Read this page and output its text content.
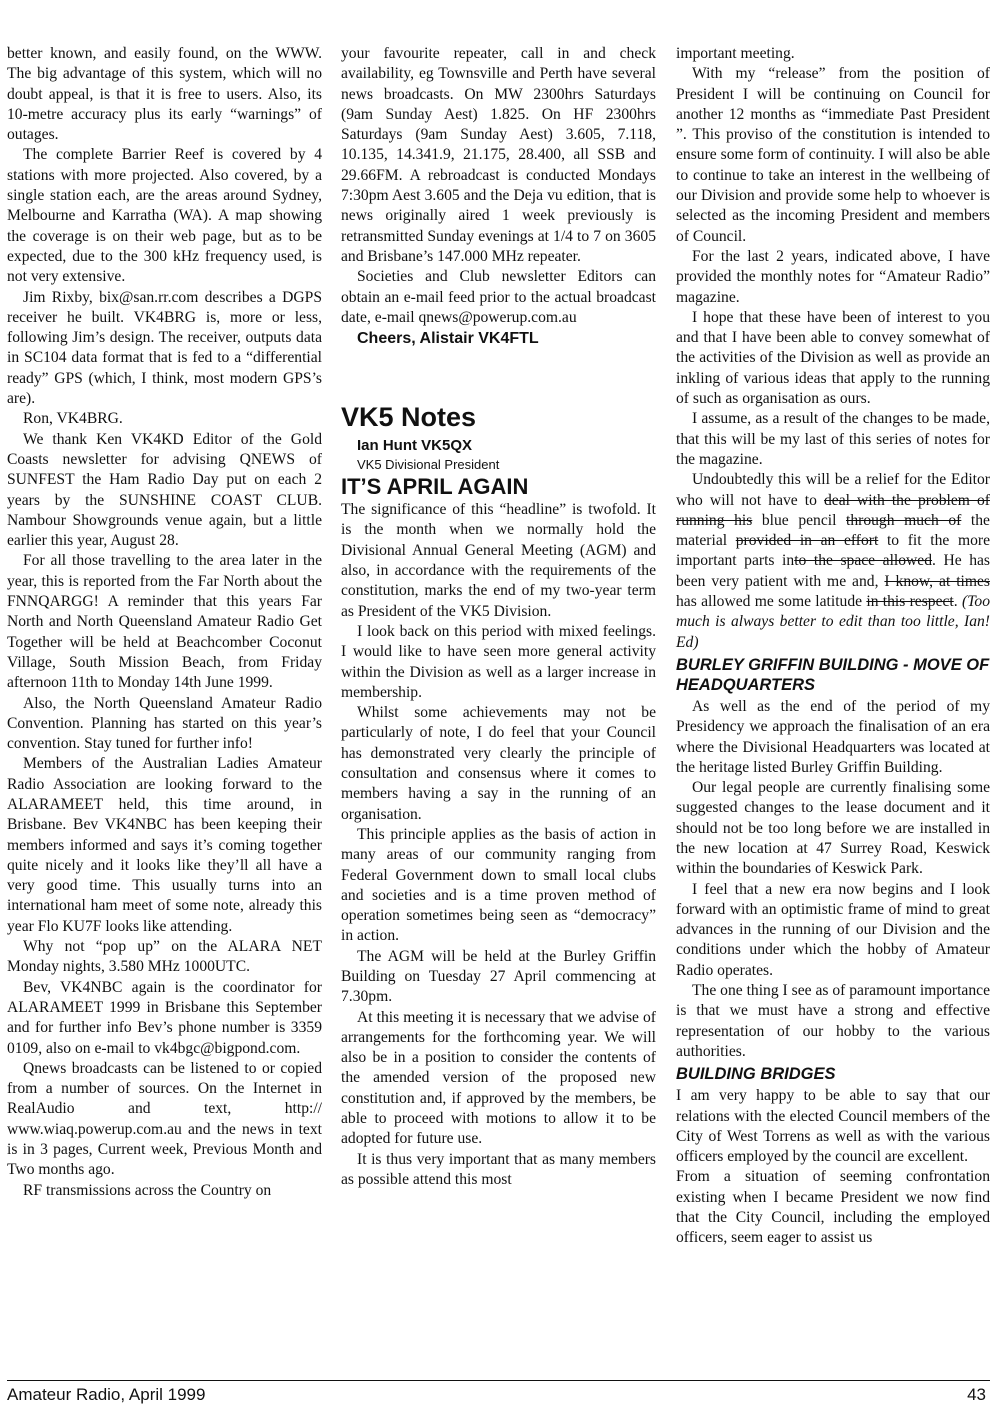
better known, and easily found, on the WWW. The big advantage of this system, which will no doubt appeal, is that it is free to users. Also, its 10-metre accuracy plus its early “warnings” of outages.

The complete Barrier Reef is covered by 4 stations with more projected. Also covered, by a single station each, are the areas around Sydney, Melbourne and Karratha (WA). A map showing the coverage is on their web page, but as to be expected, due to the 300 kHz frequency used, is not very extensive.

Jim Rixby, bix@san.rr.com describes a DGPS receiver he built. VK4BRG is, more or less, following Jim’s design. The receiver, outputs data in SC104 data format that is fed to a “differential ready” GPS (which, I think, most modern GPS’s are).

Ron, VK4BRG.

We thank Ken VK4KD Editor of the Gold Coasts newsletter for advising QNEWS of SUNFEST the Ham Radio Day put on each 2 years by the SUNSHINE COAST CLUB. Nambour Showgrounds venue again, but a little earlier this year, August 28.

For all those travelling to the area later in the year, this is reported from the Far North about the FNNQARGG! A reminder that this years Far North and North Queensland Amateur Radio Get Together will be held at Beachcomber Coconut Village, South Mission Beach, from Friday afternoon 11th to Monday 14th June 1999.

Also, the North Queensland Amateur Radio Convention. Planning has started on this year’s convention. Stay tuned for further info!

Members of the Australian Ladies Amateur Radio Association are looking forward to the ALARAMEET held, this time around, in Brisbane. Bev VK4NBC has been keeping their members informed and says it’s coming together quite nicely and it looks like they’ll all have a very good time. This usually turns into an international ham meet of some note, already this year Flo KU7F looks like attending.

Why not “pop up” on the ALARA NET Monday nights, 3.580 MHz 1000UTC.

Bev, VK4NBC again is the coordinator for ALARAMEET 1999 in Brisbane this September and for further info Bev’s phone number is 3359 0109, also on e-mail to vk4bgc@bigpond.com.

Qnews broadcasts can be listened to or copied from a number of sources. On the Internet in RealAudio and text, http:// www.wiaq.powerup.com.au and the news in text is in 3 pages, Current week, Previous Month and Two months ago.

RF transmissions across the Country on

your favourite repeater, call in and check availability, eg Townsville and Perth have several news broadcasts. On MW 2300hrs Saturdays (9am Sunday Aest) 1.825. On HF 2300hrs Saturdays (9am Sunday Aest) 3.605, 7.118, 10.135, 14.341.9, 21.175, 28.400, all SSB and 29.66FM. A rebroadcast is conducted Mondays 7:30pm Aest 3.605 and the Deja vu edition, that is news originally aired 1 week previously is retransmitted Sunday evenings at 1/4 to 7 on 3605 and Brisbane’s 147.000 MHz repeater.

Societies and Club newsletter Editors can obtain an e-mail feed prior to the actual broadcast date, e-mail qnews@powerup.com.au

Cheers, Alistair VK4FTL

VK5 Notes

Ian Hunt VK5QX

VK5 Divisional President

IT’S APRIL AGAIN

The significance of this “headline” is twofold. It is the month when we normally hold the Divisional Annual General Meeting (AGM) and also, in accordance with the requirements of the constitution, marks the end of my two-year term as President of the VK5 Division.

I look back on this period with mixed feelings. I would like to have seen more general activity within the Division as well as a larger increase in membership.

Whilst some achievements may not be particularly of note, I do feel that your Council has demonstrated very clearly the principle of consultation and consensus where it comes to members having a say in the running of an organisation.

This principle applies as the basis of action in many areas of our community ranging from Federal Government down to small local clubs and societies and is a time proven method of operation sometimes being seen as “democracy” in action.

The AGM will be held at the Burley Griffin Building on Tuesday 27 April commencing at 7.30pm.

At this meeting it is necessary that we advise of arrangements for the forthcoming year. We will also be in a position to consider the contents of the amended version of the proposed new constitution and, if approved by the members, be able to proceed with motions to allow it to be adopted for future use.

It is thus very important that as many members as possible attend this most

important meeting.

With my “release” from the position of President I will be continuing on Council for another 12 months as “immediate Past President ”. This proviso of the constitution is intended to ensure some form of continuity. I will also be able to continue to take an interest in the wellbeing of our Division and provide some help to whoever is selected as the incoming President and members of Council.

For the last 2 years, indicated above, I have provided the monthly notes for “Amateur Radio” magazine.

I hope that these have been of interest to you and that I have been able to convey somewhat of the activities of the Division as well as provide an inkling of various ideas that apply to the running of such as organisation as ours.

I assume, as a result of the changes to be made, that this will be my last of this series of notes for the magazine.

Undoubtedly this will be a relief for the Editor who will not have to deal with the problem of running his blue pencil through much of the material provided in an effort to fit the more important parts into the space allowed. He has been very patient with me and, I know, at times has allowed me some latitude in this respect. (Too much is always better to edit than too little, Ian! Ed)

BURLEY GRIFFIN BUILDING - MOVE OF HEADQUARTERS

As well as the end of the period of my Presidency we approach the finalisation of an era where the Divisional Headquarters was located at the heritage listed Burley Griffin Building.

Our legal people are currently finalising some suggested changes to the lease document and it should not be too long before we are installed in the new location at 47 Surrey Road, Keswick within the boundaries of Keswick Park.

I feel that a new era now begins and I look forward with an optimistic frame of mind to great advances in the running of our Division and the conditions under which the hobby of Amateur Radio operates.

The one thing I see as of paramount importance is that we must have a strong and effective representation of our hobby to the various authorities.

BUILDING BRIDGES

I am very happy to be able to say that our relations with the elected Council members of the City of West Torrens as well as with the various officers employed by the council are excellent.

From a situation of seeming confrontation existing when I became President we now find that the City Council, including the employed officers, seem eager to assist us

Amateur Radio, April 1999	43
